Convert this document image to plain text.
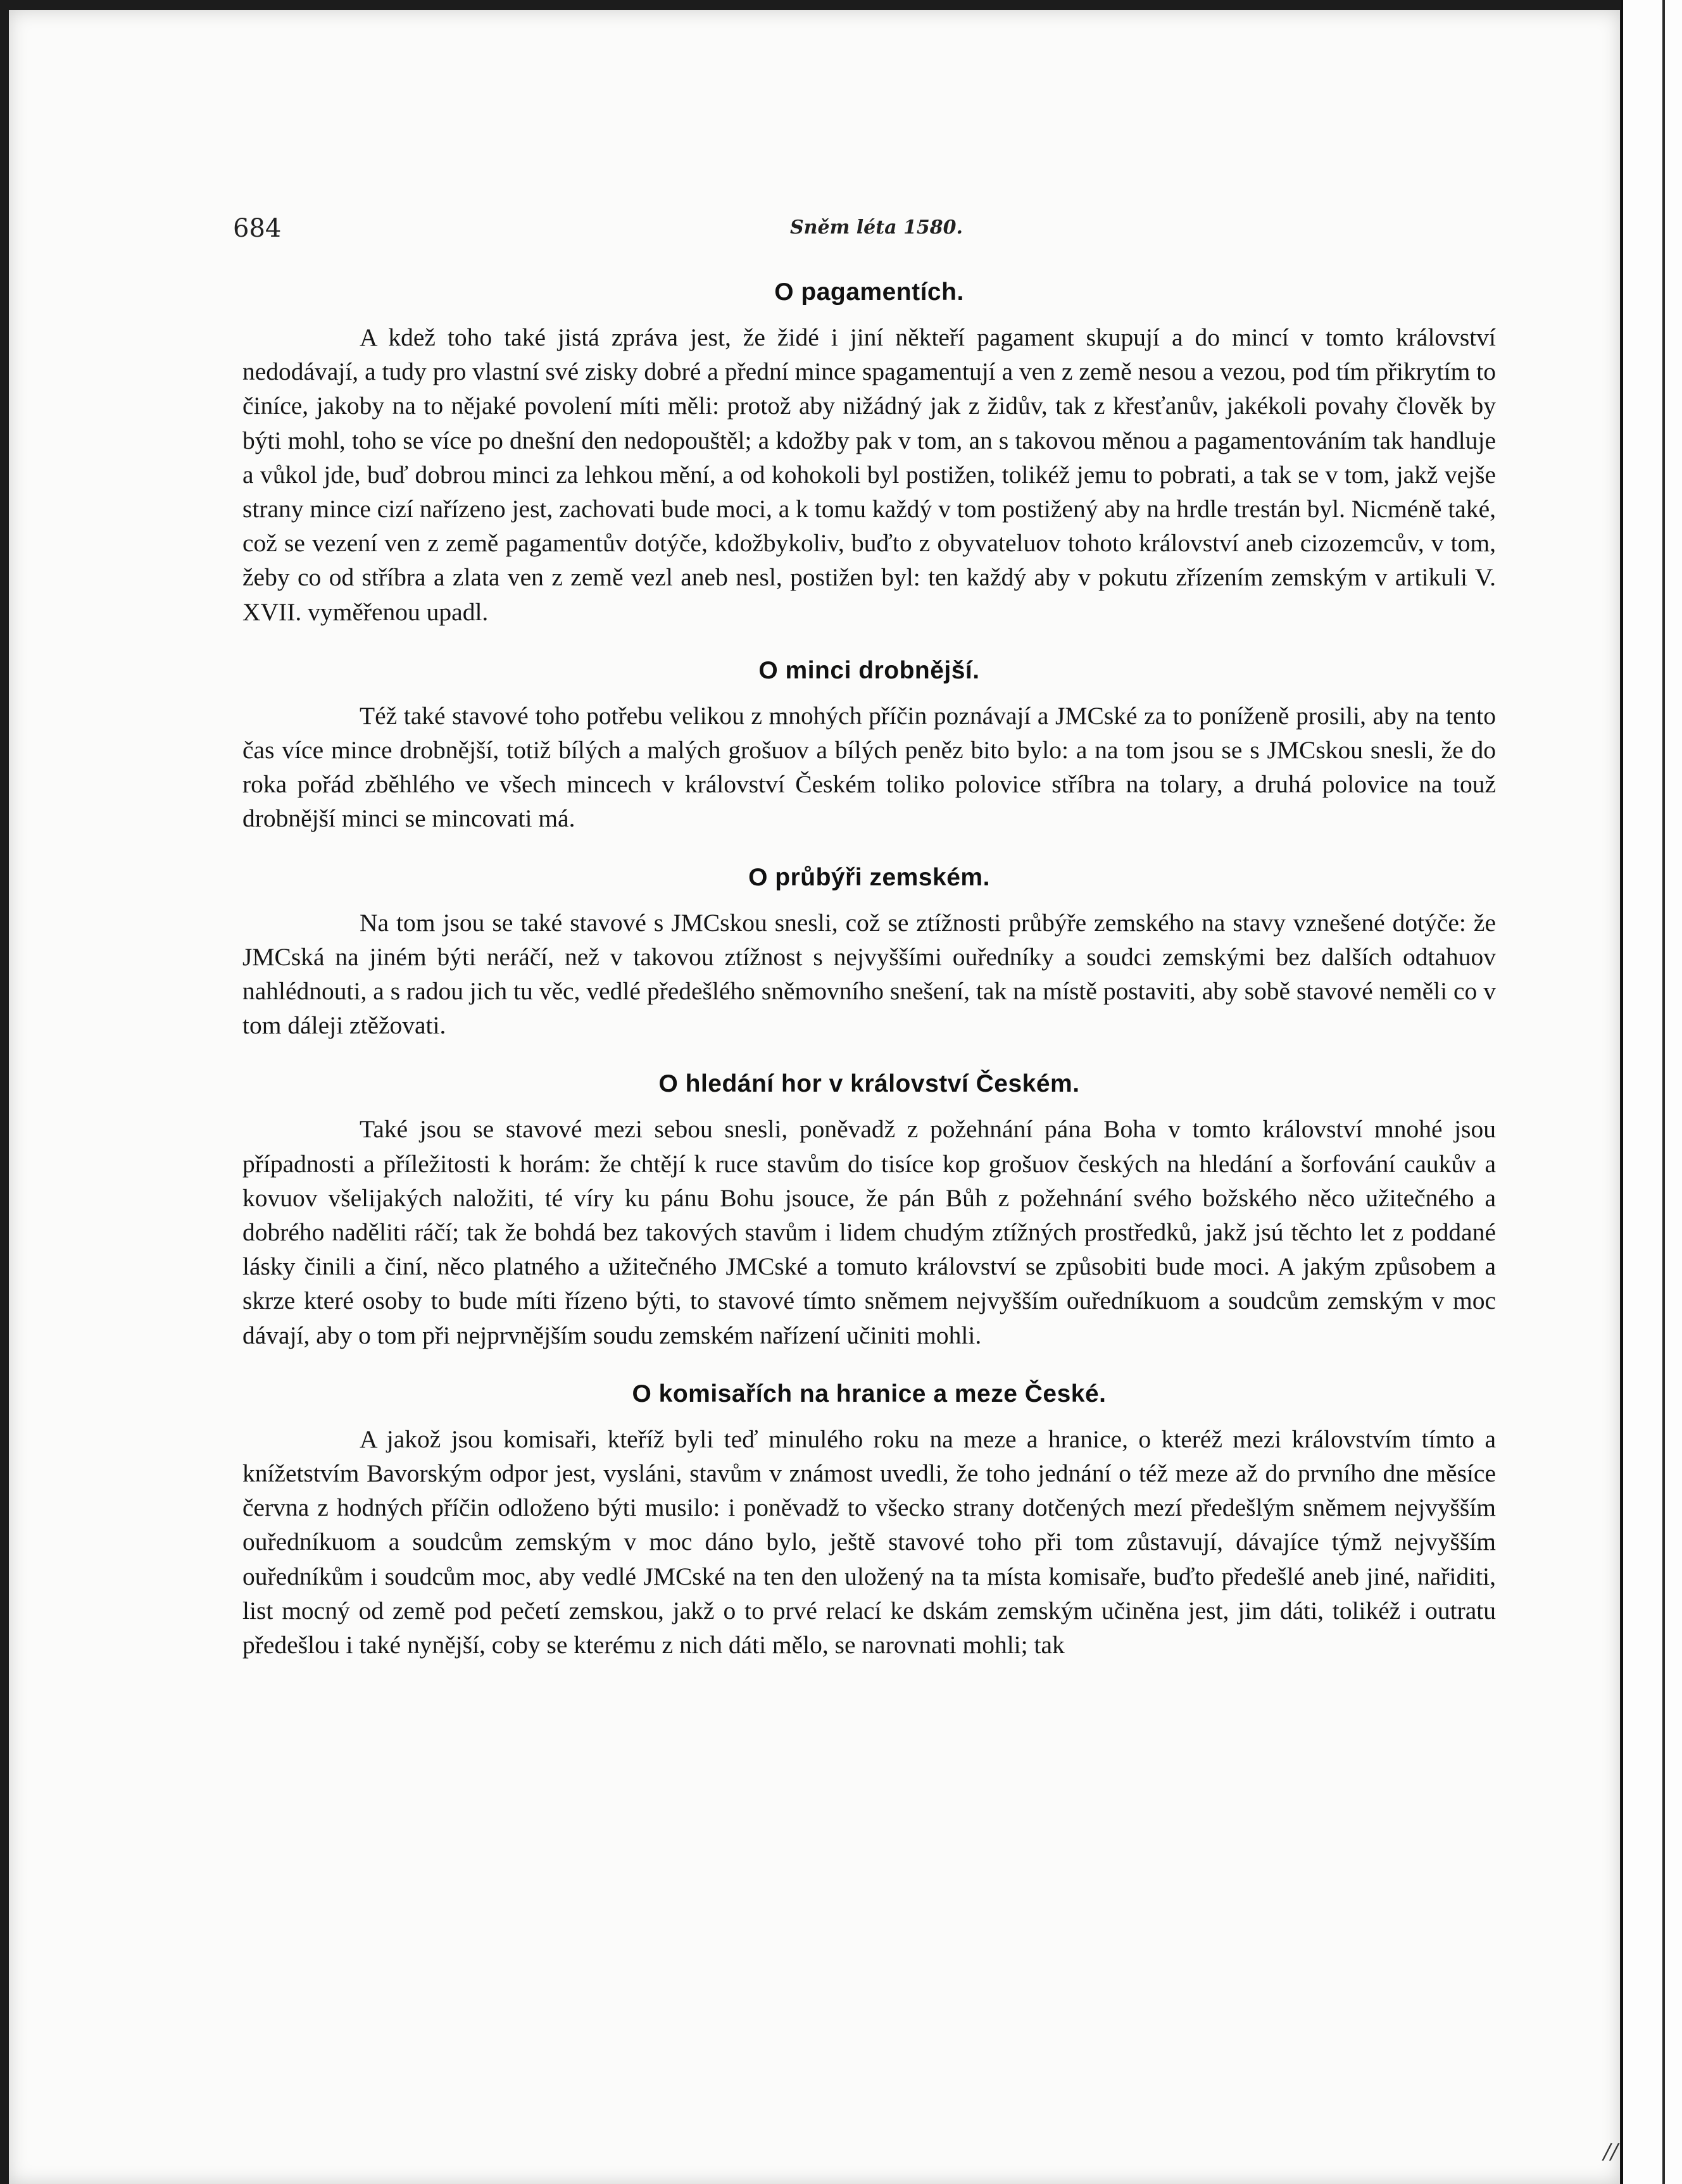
684	Sněm léta 1580.
O pagamentích.

A kdež toho také jistá zpráva jest, že židé i jiní někteří pagament skupují a do mincí v tomto království nedodávají, a tudy pro vlastní své zisky dobré a přední mince spagamentují a ven z země nesou a vezou, pod tím přikrytím to činíce, jakoby na to nějaké povolení míti měli: protož aby nižádný jak z židův, tak z křesťanův, jakékoli povahy člověk by býti mohl, toho se více po dnešní den nedopouštěl; a kdožby pak v tom, an s takovou měnou a pagamentováním tak handluje a vůkol jde, buď dobrou minci za lehkou mění, a od kohokoli byl postižen, tolikéž jemu to pobrati, a tak se v tom, jakž vejše strany mince cizí nařízeno jest, zachovati bude moci, a k tomu každý v tom postižený aby na hrdle trestán byl. Nicméně také, což se vezení ven z země pagamentův dotýče, kdožbykoliv, buďto z obyvateluov tohoto království aneb cizozemcův, v tom, žeby co od stříbra a zlata ven z země vezl aneb nesl, postižen byl: ten každý aby v pokutu zřízením zemským v artikuli V. XVII. vyměřenou upadl.

O minci drobnější.

Též také stavové toho potřebu velikou z mnohých příčin poznávají a JMCské za to poníženě prosili, aby na tento čas více mince drobnější, totiž bílých a malých grošuov a bílých peněz bito bylo: a na tom jsou se s JMCskou snesli, že do roka pořád zběhlého ve všech mincech v království Českém toliko polovice stříbra na tolary, a druhá polovice na touž drobnější minci se mincovati má.

O průbýři zemském.

Na tom jsou se také stavové s JMCskou snesli, což se ztížnosti průbýře zemského na stavy vznešené dotýče: že JMCská na jiném býti neráčí, než v takovou ztížnost s nejvyššími ouředníky a soudci zemskými bez dalších odtahuov nahlédnouti, a s radou jich tu věc, vedlé předešlého sněmovního snešení, tak na místě postaviti, aby sobě stavové neměli co v tom dáleji ztěžovati.

O hledání hor v království Českém.

Také jsou se stavové mezi sebou snesli, poněvadž z požehnání pána Boha v tomto království mnohé jsou případnosti a příležitosti k horám: že chtějí k ruce stavům do tisíce kop grošuov českých na hledání a šorfování caukův a kovuov všelijakých naložiti, té víry ku pánu Bohu jsouce, že pán Bůh z požehnání svého božského něco užitečného a dobrého naděliti ráčí; tak že bohdá bez takových stavům i lidem chudým ztížných prostředků, jakž jsú těchto let z poddané lásky činili a činí, něco platného a užitečného JMCské a tomuto království se způsobiti bude moci. A jakým způsobem a skrze které osoby to bude míti řízeno býti, to stavové tímto sněmem nejvyšším ouředníkuom a soudcům zemským v moc dávají, aby o tom při nejprvnějším soudu zemském nařízení učiniti mohli.

O komisařích na hranice a meze České.

A jakož jsou komisaři, kteříž byli teď minulého roku na meze a hranice, o kteréž mezi královstvím tímto a knížetstvím Bavorským odpor jest, vysláni, stavům v známost uvedli, že toho jednání o též meze až do prvního dne měsíce června z hodných příčin odloženo býti musilo: i poněvadž to všecko strany dotčených mezí předešlým sněmem nejvyšším ouředníkuom a soudcům zemským v moc dáno bylo, ještě stavové toho při tom zůstavují, dávajíce týmž nejvyšším ouředníkům i soudcům moc, aby vedlé JMCské na ten den uložený na ta místa komisaře, buďto předešlé aneb jiné, nařiditi, list mocný od země pod pečetí zemskou, jakž o to prvé relací ke dskám zemským učiněna jest, jim dáti, tolikéž i outratu předešlou i také nynější, coby se kterému z nich dáti mělo, se narovnati mohli; tak

//
